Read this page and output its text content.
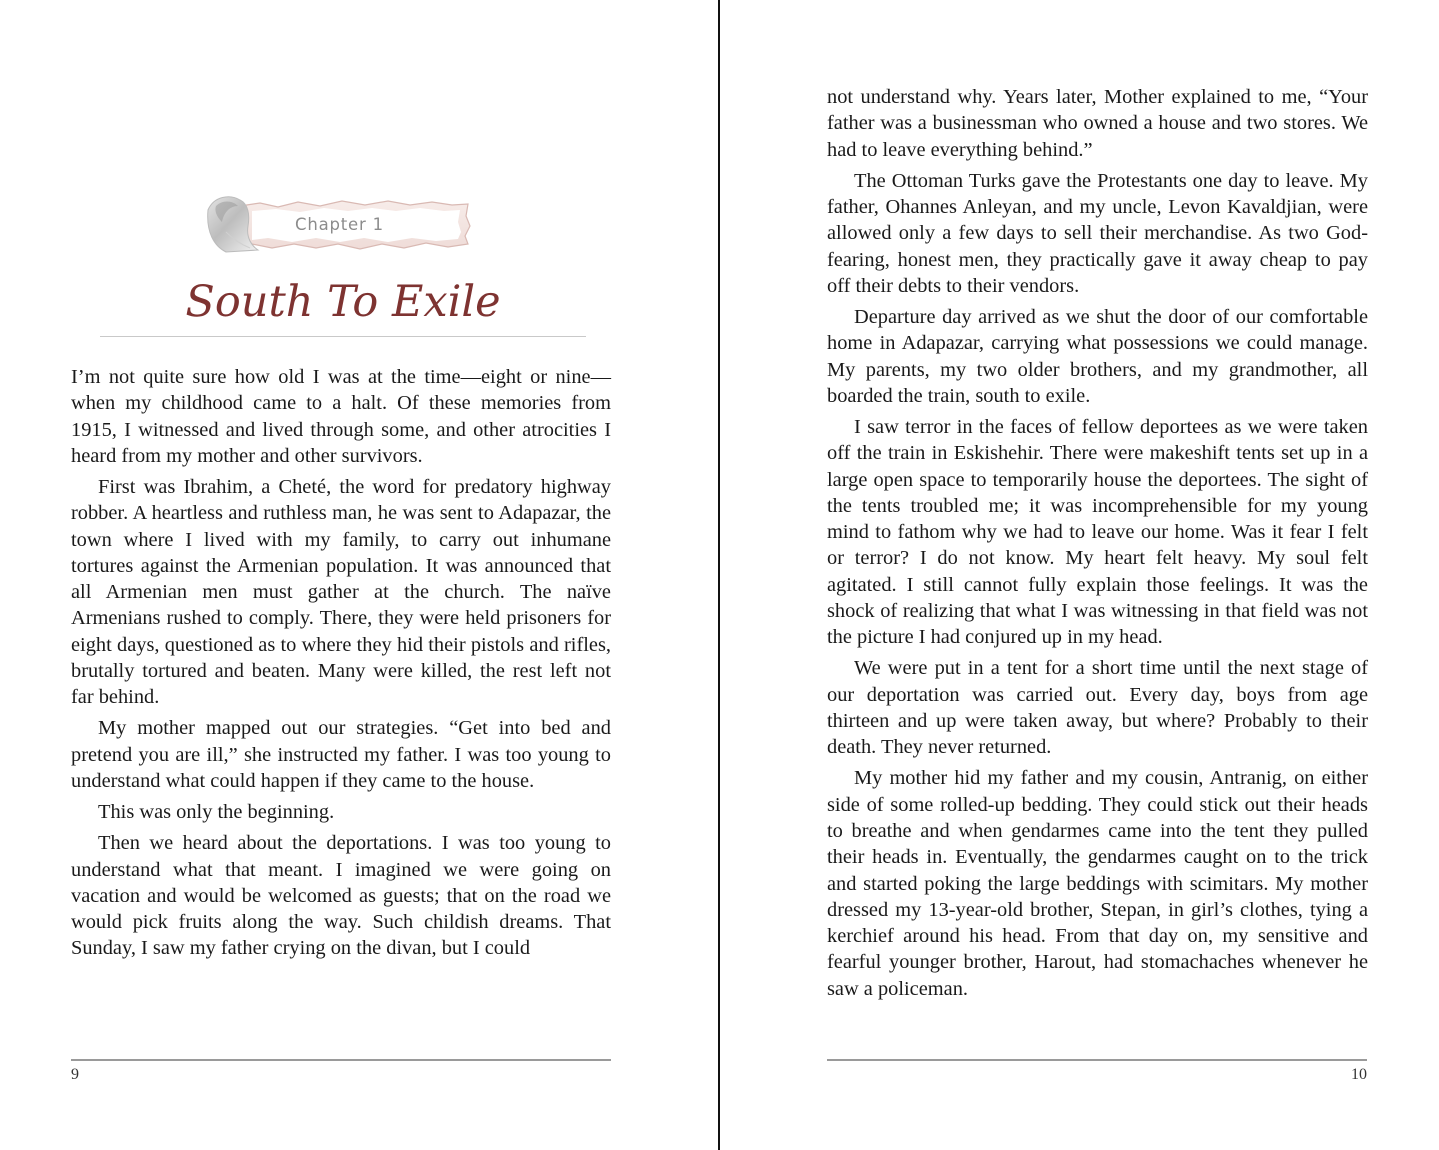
Chapter 1
South To Exile

I’m not quite sure how old I was at the time—eight or nine— when my childhood came to a halt. Of these memories from 1915, I witnessed and lived through some, and other atrocities I heard from my mother and other survivors.

First was Ibrahim, a Cheté, the word for predatory highway robber. A heartless and ruthless man, he was sent to Adapazar, the town where I lived with my family, to carry out inhumane tortures against the Armenian population. It was announced that all Armenian men must gather at the church. The naïve Armenians rushed to comply. There, they were held prisoners for eight days, questioned as to where they hid their pistols and rifles, brutally tortured and beaten. Many were killed, the rest left not far behind.

My mother mapped out our strategies. “Get into bed and pretend you are ill,” she instructed my father. I was too young to understand what could happen if they came to the house.

This was only the beginning.

Then we heard about the deportations. I was too young to understand what that meant. I imagined we were going on vacation and would be welcomed as guests; that on the road we would pick fruits along the way. Such childish dreams. That Sunday, I saw my father crying on the divan, but I could

9

not understand why. Years later, Mother explained to me, “Your father was a businessman who owned a house and two stores. We had to leave everything behind.”

The Ottoman Turks gave the Protestants one day to leave. My father, Ohannes Anleyan, and my uncle, Levon Kavaldjian, were allowed only a few days to sell their merchandise. As two God-fearing, honest men, they practically gave it away cheap to pay off their debts to their vendors.

Departure day arrived as we shut the door of our comfortable home in Adapazar, carrying what possessions we could manage. My parents, my two older brothers, and my grandmother, all boarded the train, south to exile.

I saw terror in the faces of fellow deportees as we were taken off the train in Eskishehir. There were makeshift tents set up in a large open space to temporarily house the deportees. The sight of the tents troubled me; it was incomprehensible for my young mind to fathom why we had to leave our home. Was it fear I felt or terror? I do not know. My heart felt heavy. My soul felt agitated. I still cannot fully explain those feelings. It was the shock of realizing that what I was witnessing in that field was not the picture I had conjured up in my head.

We were put in a tent for a short time until the next stage of our deportation was carried out. Every day, boys from age thirteen and up were taken away, but where? Probably to their death. They never returned.

My mother hid my father and my cousin, Antranig, on either side of some rolled-up bedding. They could stick out their heads to breathe and when gendarmes came into the tent they pulled their heads in. Eventually, the gendarmes caught on to the trick and started poking the large beddings with scimitars. My mother dressed my 13-year-old brother, Stepan, in girl’s clothes, tying a kerchief around his head. From that day on, my sensitive and fearful younger brother, Harout, had stomachaches whenever he saw a policeman.

10
